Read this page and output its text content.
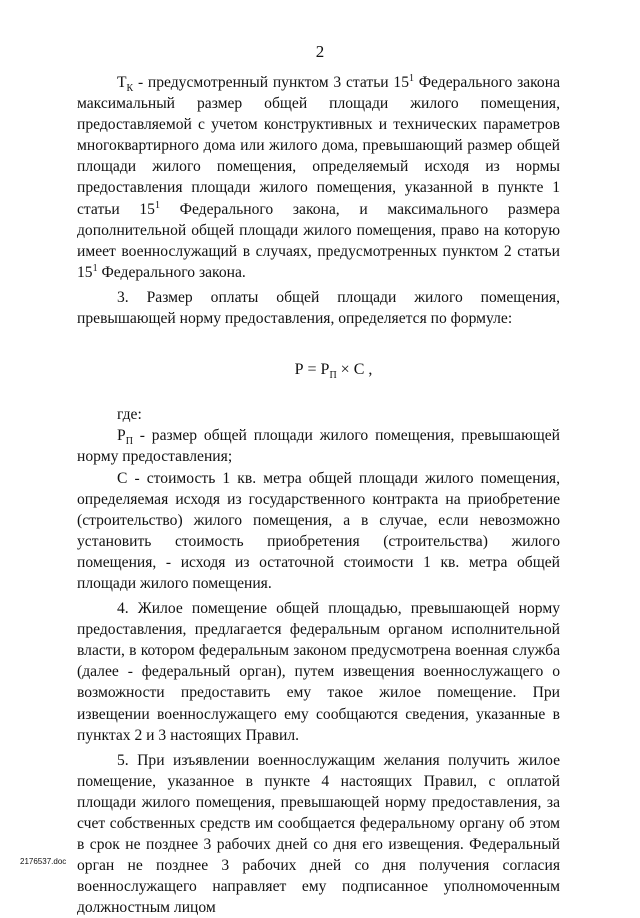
2

$Т_К$ - предусмотренный пунктом 3 статьи $15^1$ Федерального закона максимальный размер общей площади жилого помещения, предоставляемой с учетом конструктивных и технических параметров многоквартирного дома или жилого дома, превышающий размер общей площади жилого помещения, определяемый исходя из нормы предоставления площади жилого помещения, указанной в пункте 1 статьи $15^1$ Федерального закона, и максимального размера дополнительной общей площади жилого помещения, право на которую имеет военнослужащий в случаях, предусмотренных пунктом 2 статьи $15^1$ Федерального закона.

3. Размер оплаты общей площади жилого помещения, превышающей норму предоставления, определяется по формуле:

$Р = Р_П \times С$ ,

где:

$Р_П$ - размер общей площади жилого помещения, превышающей норму предоставления;

С - стоимость 1 кв. метра общей площади жилого помещения, определяемая исходя из государственного контракта на приобретение (строительство) жилого помещения, а в случае, если невозможно установить стоимость приобретения (строительства) жилого помещения, - исходя из остаточной стоимости 1 кв. метра общей площади жилого помещения.

4. Жилое помещение общей площадью, превышающей норму предоставления, предлагается федеральным органом исполнительной власти, в котором федеральным законом предусмотрена военная служба (далее - федеральный орган), путем извещения военнослужащего о возможности предоставить ему такое жилое помещение. При извещении военнослужащего ему сообщаются сведения, указанные в пунктах 2 и 3 настоящих Правил.

5. При изъявлении военнослужащим желания получить жилое помещение, указанное в пункте 4 настоящих Правил, с оплатой площади жилого помещения, превышающей норму предоставления, за счет собственных средств им сообщается федеральному органу об этом в срок не позднее 3 рабочих дней со дня его извещения. Федеральный орган не позднее 3 рабочих дней со дня получения согласия военнослужащего направляет ему подписанное уполномоченным должностным лицом

2176537.doc
